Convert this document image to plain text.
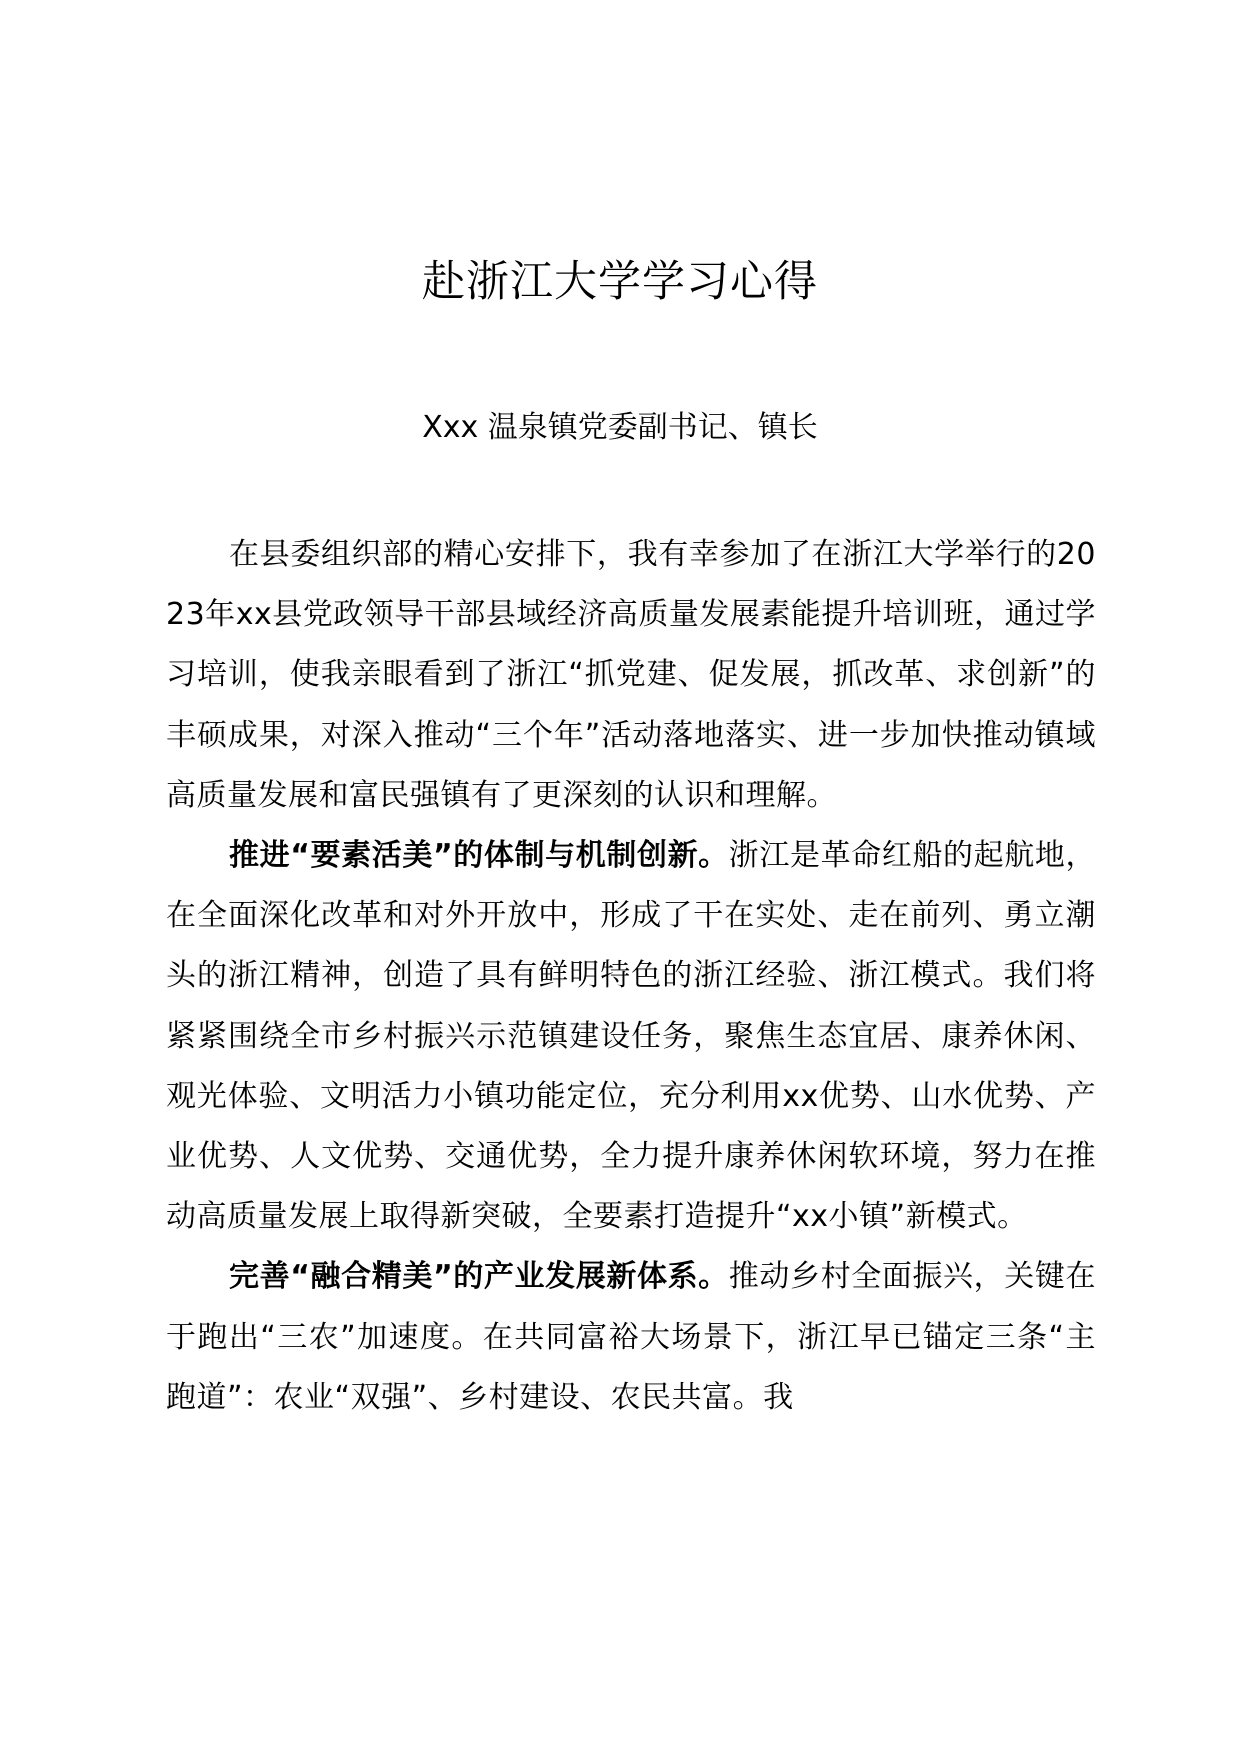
赴浙江大学学习心得

Xxx 温泉镇党委副书记、镇长

在县委组织部的精心安排下，我有幸参加了在浙江大学举行的2023年xx县党政领导干部县域经济高质量发展素能提升培训班，通过学习培训，使我亲眼看到了浙江“抓党建、促发展，抓改革、求创新”的丰硕成果，对深入推动“三个年”活动落地落实、进一步加快推动镇域高质量发展和富民强镇有了更深刻的认识和理解。

推进“要素活美”的体制与机制创新。浙江是革命红船的起航地，在全面深化改革和对外开放中，形成了干在实处、走在前列、勇立潮头的浙江精神，创造了具有鲜明特色的浙江经验、浙江模式。我们将紧紧围绕全市乡村振兴示范镇建设任务，聚焦生态宜居、康养休闲、观光体验、文明活力小镇功能定位，充分利用xx优势、山水优势、产业优势、人文优势、交通优势，全力提升康养休闲软环境，努力在推动高质量发展上取得新突破，全要素打造提升“xx小镇”新模式。

完善“融合精美”的产业发展新体系。推动乡村全面振兴，关键在于跑出“三农”加速度。在共同富裕大场景下，浙江早已锚定三条“主跑道”：农业“双强”、乡村建设、农民共富。我
